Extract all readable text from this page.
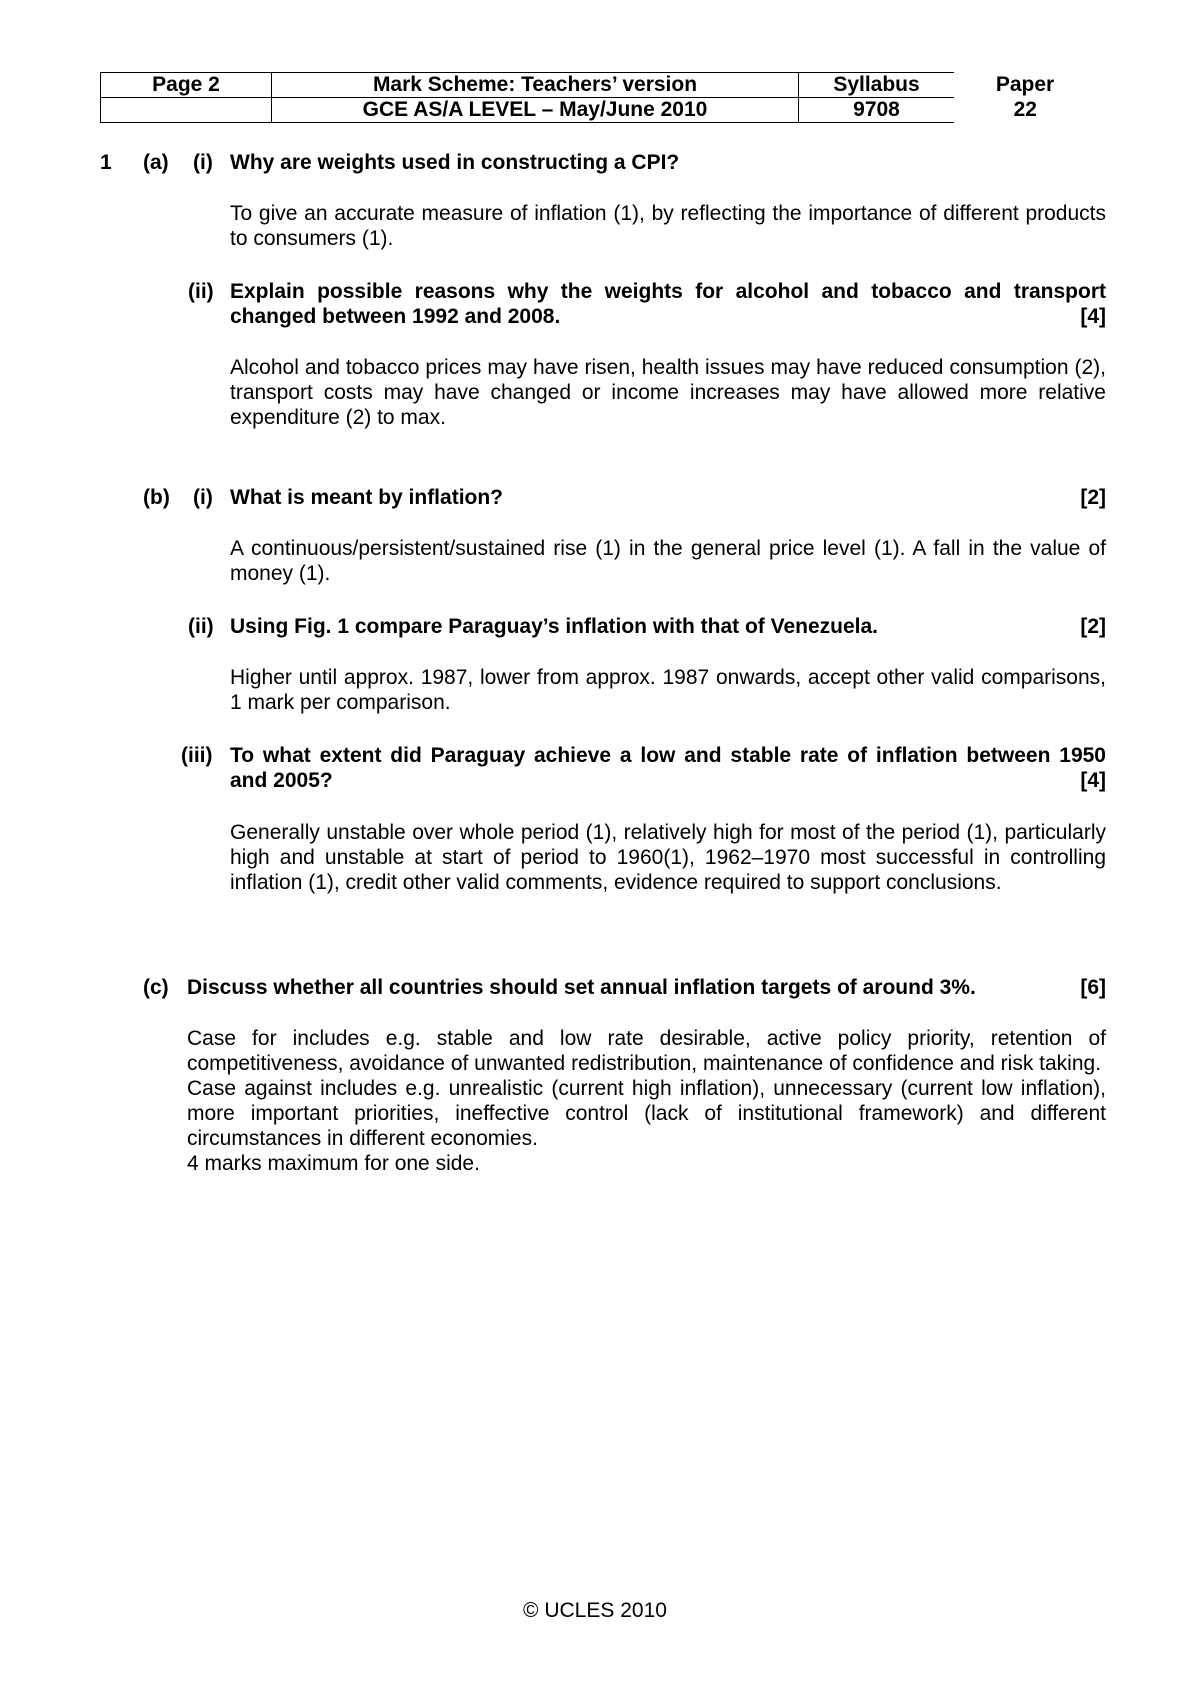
Page 2	Mark Scheme: Teachers’ version	Syllabus	Paper
	GCE AS/A LEVEL – May/June 2010	9708	22
1 (a) (i) Why are weights used in constructing a CPI?
To give an accurate measure of inflation (1), by reflecting the importance of different products to consumers (1).
(ii) Explain possible reasons why the weights for alcohol and tobacco and transport changed between 1992 and 2008.	[4]
Alcohol and tobacco prices may have risen, health issues may have reduced consumption (2), transport costs may have changed or income increases may have allowed more relative expenditure (2) to max.
(b) (i)	[2]
What is meant by inflation?
A continuous/persistent/sustained rise (1) in the general price level (1). A fall in the value of money (1).
(ii)	[2]
Using Fig. 1 compare Paraguay’s inflation with that of Venezuela.
Higher until approx. 1987, lower from approx. 1987 onwards, accept other valid comparisons, 1 mark per comparison.
(iii) To what extent did Paraguay achieve a low and stable rate of inflation between 1950 and 2005?	[4]
Generally unstable over whole period (1), relatively high for most of the period (1), particularly high and unstable at start of period to 1960(1), 1962–1970 most successful in controlling inflation (1), credit other valid comments, evidence required to support conclusions.
(c)	[6]
Discuss whether all countries should set annual inflation targets of around 3%.
Case for includes e.g. stable and low rate desirable, active policy priority, retention of competitiveness, avoidance of unwanted redistribution, maintenance of confidence and risk taking.
Case against includes e.g. unrealistic (current high inflation), unnecessary (current low inflation), more important priorities, ineffective control (lack of institutional framework) and different circumstances in different economies.
4 marks maximum for one side.
© UCLES 2010
